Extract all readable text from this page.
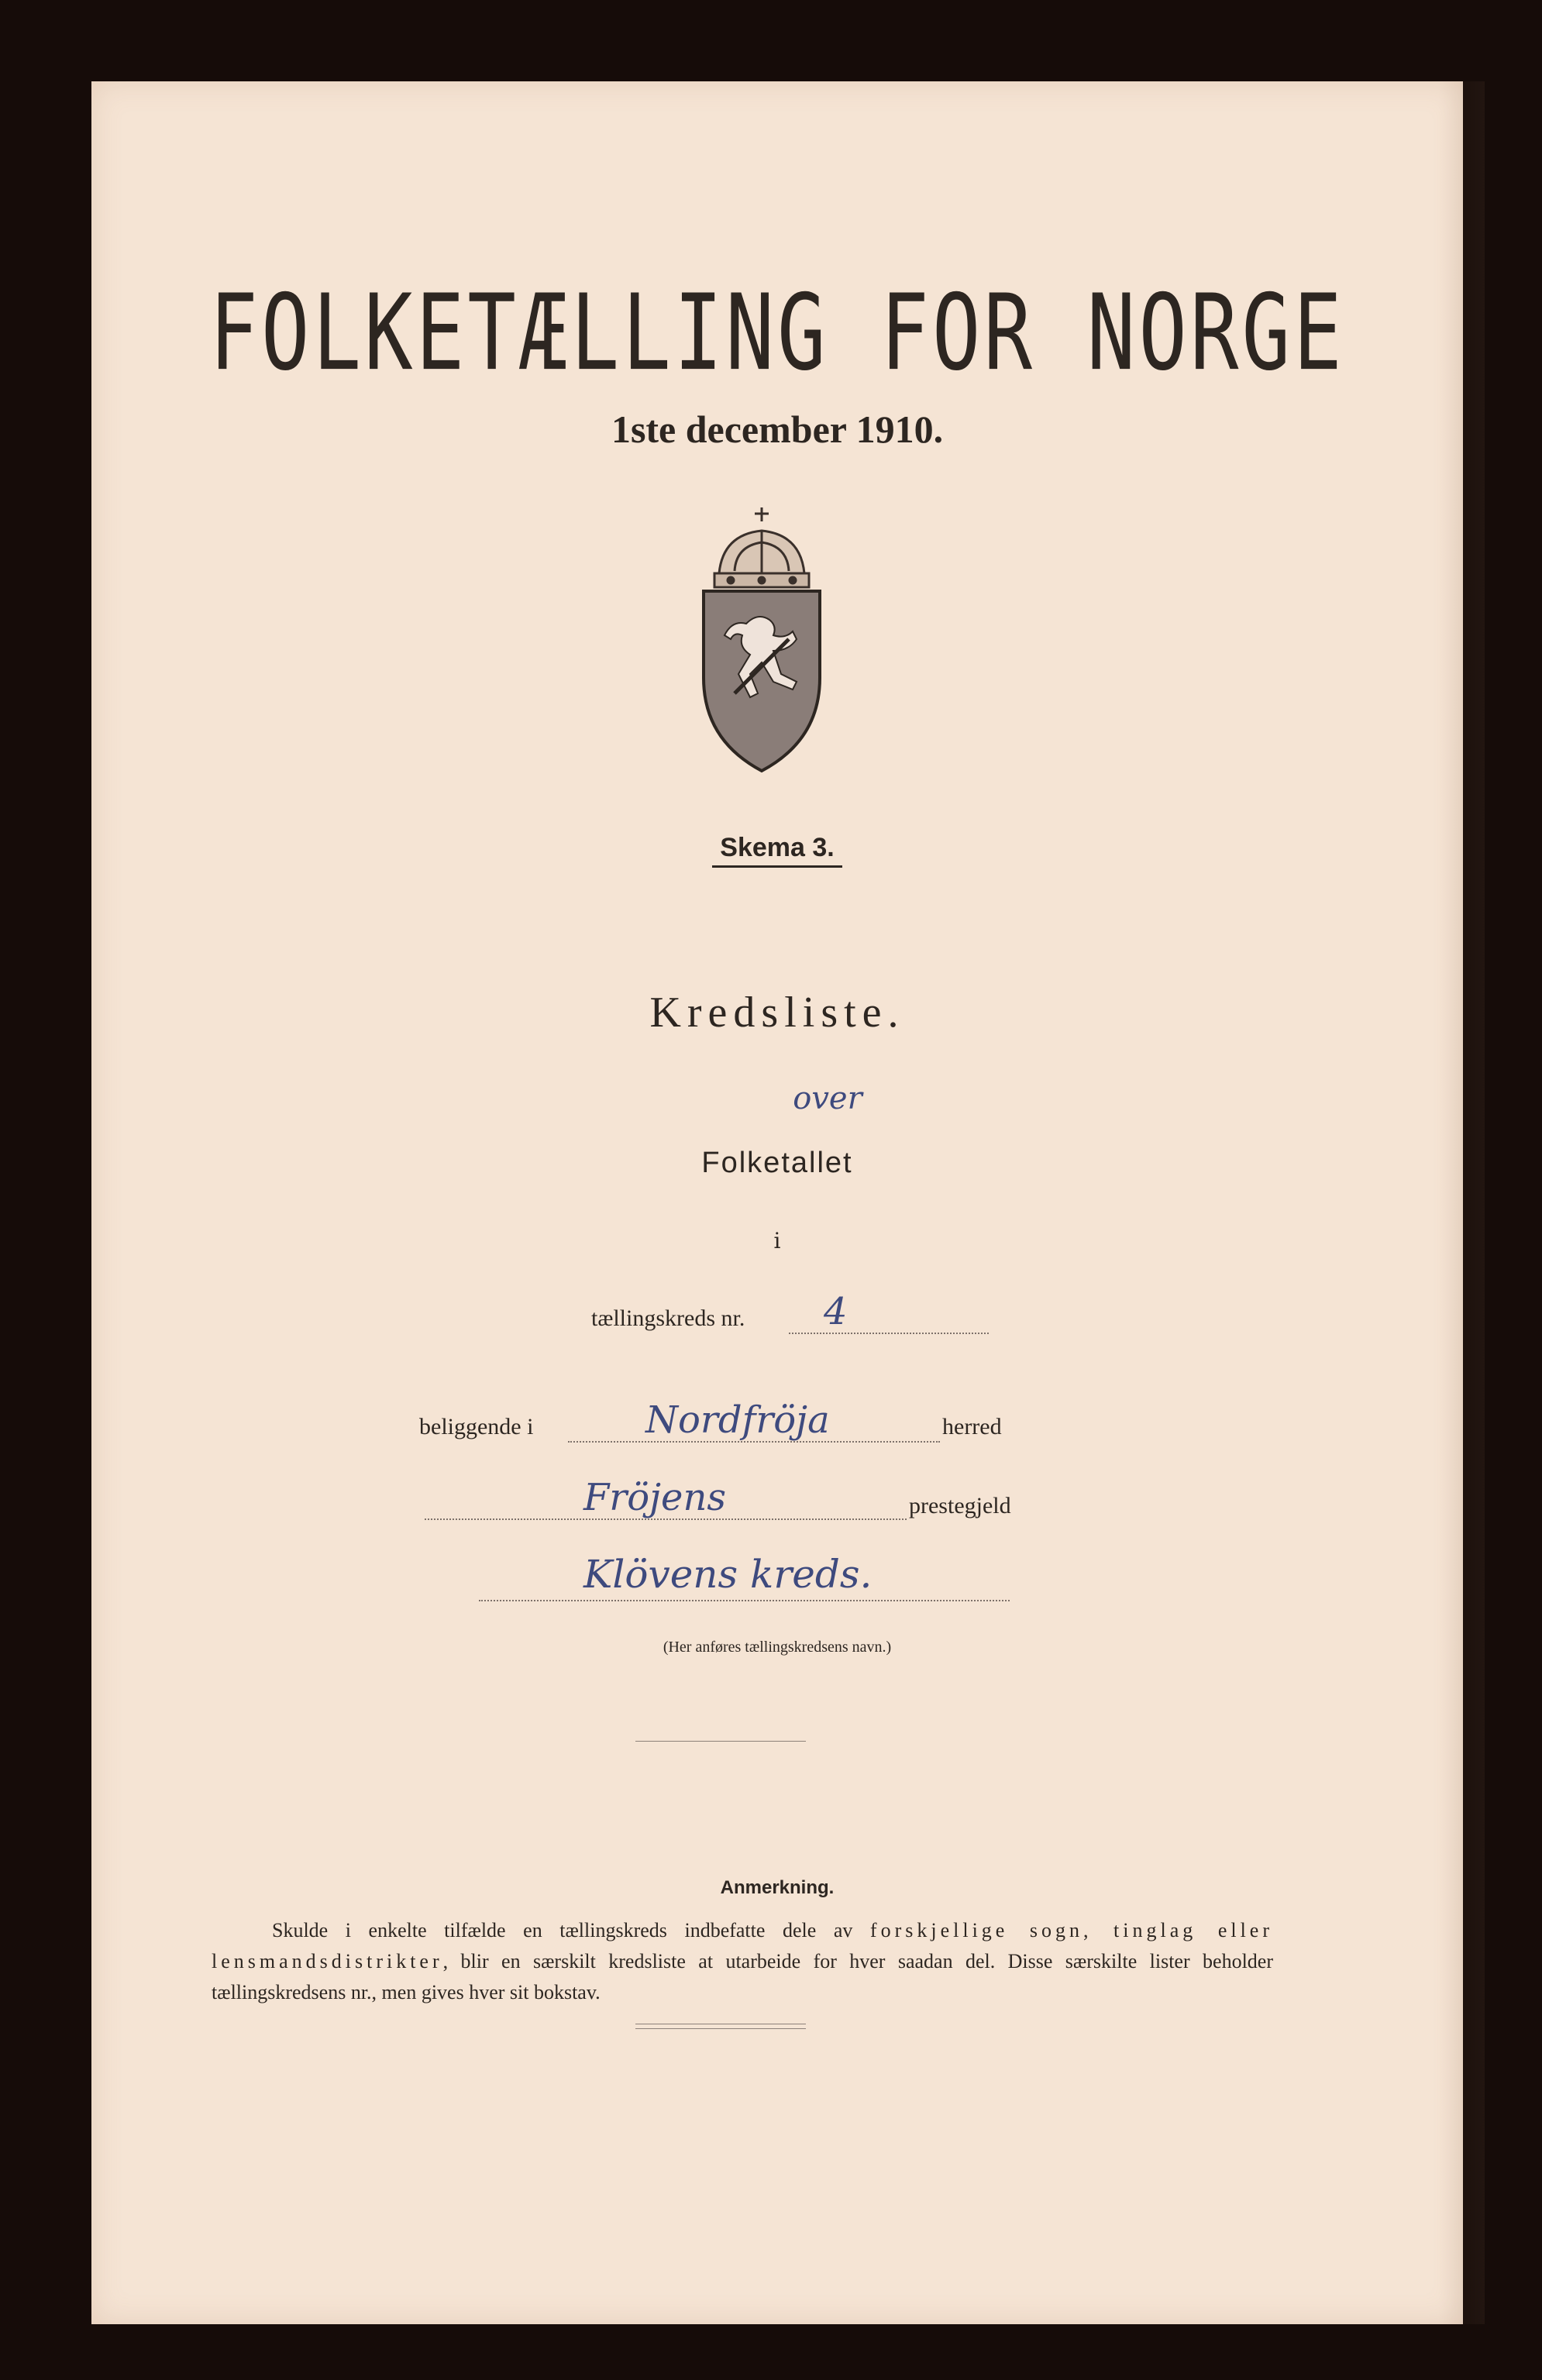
FOLKETÆLLING FOR NORGE
1ste december 1910.
Skema 3.
Kredsliste.
over
Folketallet
i
tællingskreds nr. 4
beliggende i	Nordfröja	herred
Fröjens	prestegjeld
Klövens kreds.
(Her anføres tællingskredsens navn.)
Anmerkning.
Skulde i enkelte tilfælde en tællingskreds indbefatte dele av forskjellige sogn, tinglag eller lensmandsdistrikter, blir en særskilt kredsliste at utarbeide for hver saadan del. Disse særskilte lister beholder tællingskredsens nr., men gives hver sit bokstav.
